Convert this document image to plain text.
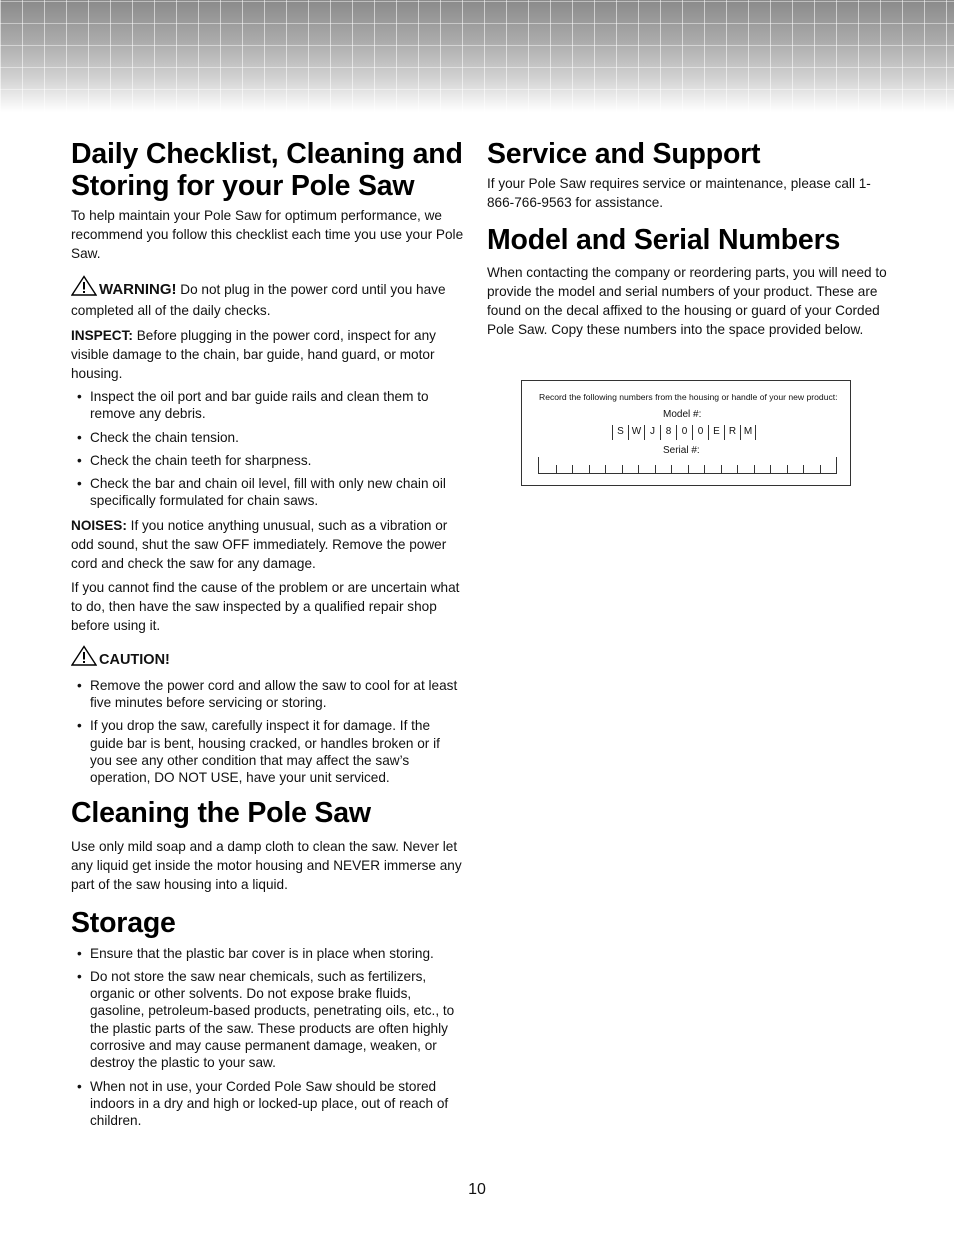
Daily Checklist, Cleaning and Storing for your Pole Saw

To help maintain your Pole Saw for optimum performance, we recommend you follow this checklist each time you use your Pole Saw.

WARNING! Do not plug in the power cord until you have completed all of the daily checks.

INSPECT: Before plugging in the power cord, inspect for any visible damage to the chain, bar guide, hand guard, or motor housing.

• Inspect the oil port and bar guide rails and clean them to remove any debris.
• Check the chain tension.
• Check the chain teeth for sharpness.
• Check the bar and chain oil level, fill with only new chain oil specifically formulated for chain saws.

NOISES: If you notice anything unusual, such as a vibration or odd sound, shut the saw OFF immediately. Remove the power cord and check the saw for any damage.

If you cannot find the cause of the problem or are uncertain what to do, then have the saw inspected by a qualified repair shop before using it.

CAUTION!

• Remove the power cord and allow the saw to cool for at least five minutes before servicing or storing.
• If you drop the saw, carefully inspect it for damage. If the guide bar is bent, housing cracked, or handles broken or if you see any other condition that may affect the saw’s operation, DO NOT USE, have your unit serviced.
Cleaning the Pole Saw

Use only mild soap and a damp cloth to clean the saw. Never let any liquid get inside the motor housing and NEVER immerse any part of the saw housing into a liquid.

Storage
• Ensure that the plastic bar cover is in place when storing.
• Do not store the saw near chemicals, such as fertilizers, organic or other solvents. Do not expose brake fluids, gasoline, petroleum-based products, penetrating oils, etc., to the plastic parts of the saw. These products are often highly corrosive and may cause permanent damage, weaken, or destroy the plastic to your saw.
• When not in use, your Corded Pole Saw should be stored indoors in a dry and high or locked-up place, out of reach of children.
Service and Support

If your Pole Saw requires service or maintenance, please call 1-866-766-9563 for assistance.

Model and Serial Numbers

When contacting the company or reordering parts, you will need to provide the model and serial numbers of your product. These are found on the decal affixed to the housing or guard of your Corded Pole Saw. Copy these numbers into the space provided below.

Record the following numbers from the housing or handle of your new product:

Model #:
S W J	8	0	0 E R M
Serial #:
10
